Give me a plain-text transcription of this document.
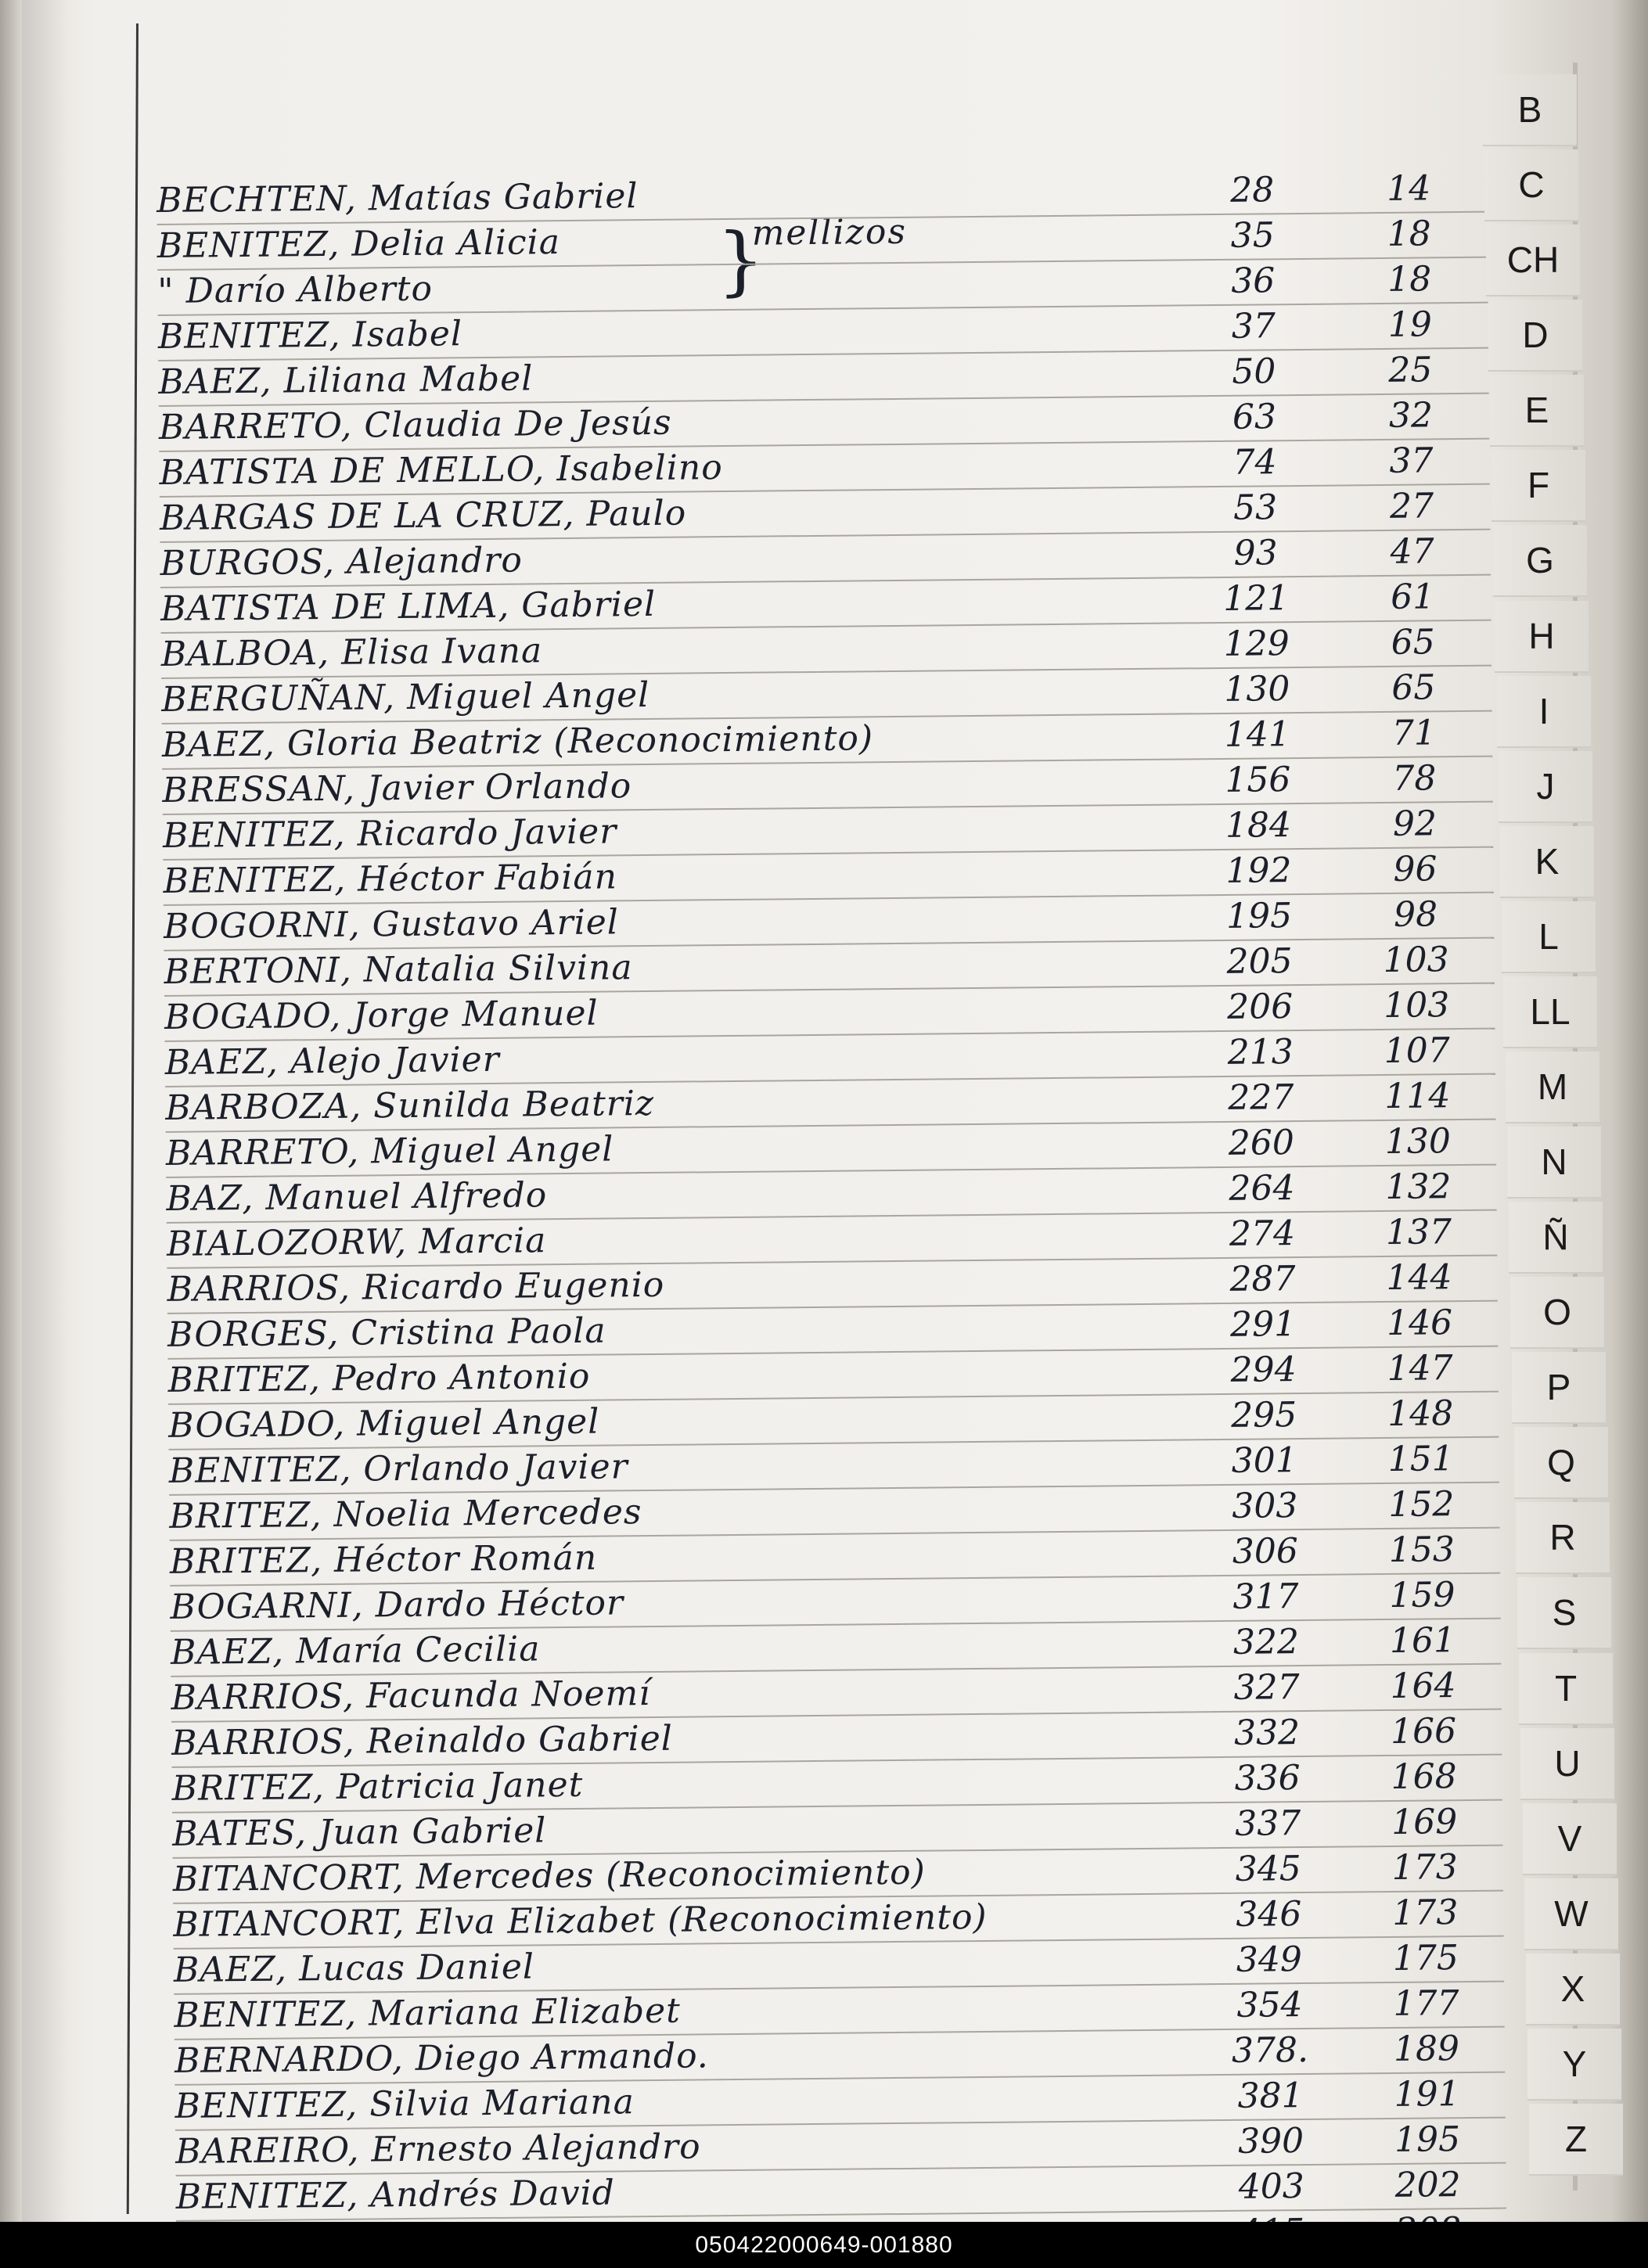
}
mellizos
BECHTEN, Matías Gabriel	28	14
BENITEZ, Delia Alicia	35	18
" Darío Alberto	36	18
BENITEZ, Isabel	37	19
BAEZ, Liliana Mabel	50	25
BARRETO, Claudia De Jesús	63	32
BATISTA DE MELLO, Isabelino	74	37
BARGAS DE LA CRUZ, Paulo	53	27
BURGOS, Alejandro	93	47
BATISTA DE LIMA, Gabriel	121	61
BALBOA, Elisa Ivana	129	65
BERGUÑAN, Miguel Angel	130	65
BAEZ, Gloria Beatriz (Reconocimiento)	141	71
BRESSAN, Javier Orlando	156	78
BENITEZ, Ricardo Javier	184	92
BENITEZ, Héctor Fabián	192	96
BOGORNI, Gustavo Ariel	195	98
BERTONI, Natalia Silvina	205	103
BOGADO, Jorge Manuel	206	103
BAEZ, Alejo Javier	213	107
BARBOZA, Sunilda Beatriz	227	114
BARRETO, Miguel Angel	260	130
BAZ, Manuel Alfredo	264	132
BIALOZORW, Marcia	274	137
BARRIOS, Ricardo Eugenio	287	144
BORGES, Cristina Paola	291	146
BRITEZ, Pedro Antonio	294	147
BOGADO, Miguel Angel	295	148
BENITEZ, Orlando Javier	301	151
BRITEZ, Noelia Mercedes	303	152
BRITEZ, Héctor Román	306	153
BOGARNI, Dardo Héctor	317	159
BAEZ, María Cecilia	322	161
BARRIOS, Facunda Noemí	327	164
BARRIOS, Reinaldo Gabriel	332	166
BRITEZ, Patricia Janet	336	168
BATES, Juan Gabriel	337	169
BITANCORT, Mercedes (Reconocimiento)	345	173
BITANCORT, Elva Elizabet (Reconocimiento)	346	173
BAEZ, Lucas Daniel	349	175
BENITEZ, Mariana Elizabet	354	177
BERNARDO, Diego Armando.	378.	189
BENITEZ, Silvia Mariana	381	191
BAREIRO, Ernesto Alejandro	390	195
BENITEZ, Andrés David	403	202
B
C
CH
D
E
F
G
H
I
J
K
L
LL
M
N
Ñ
O
P
Q
R
S
T
U
V
W
X
Y
Z
050422000649-001880
